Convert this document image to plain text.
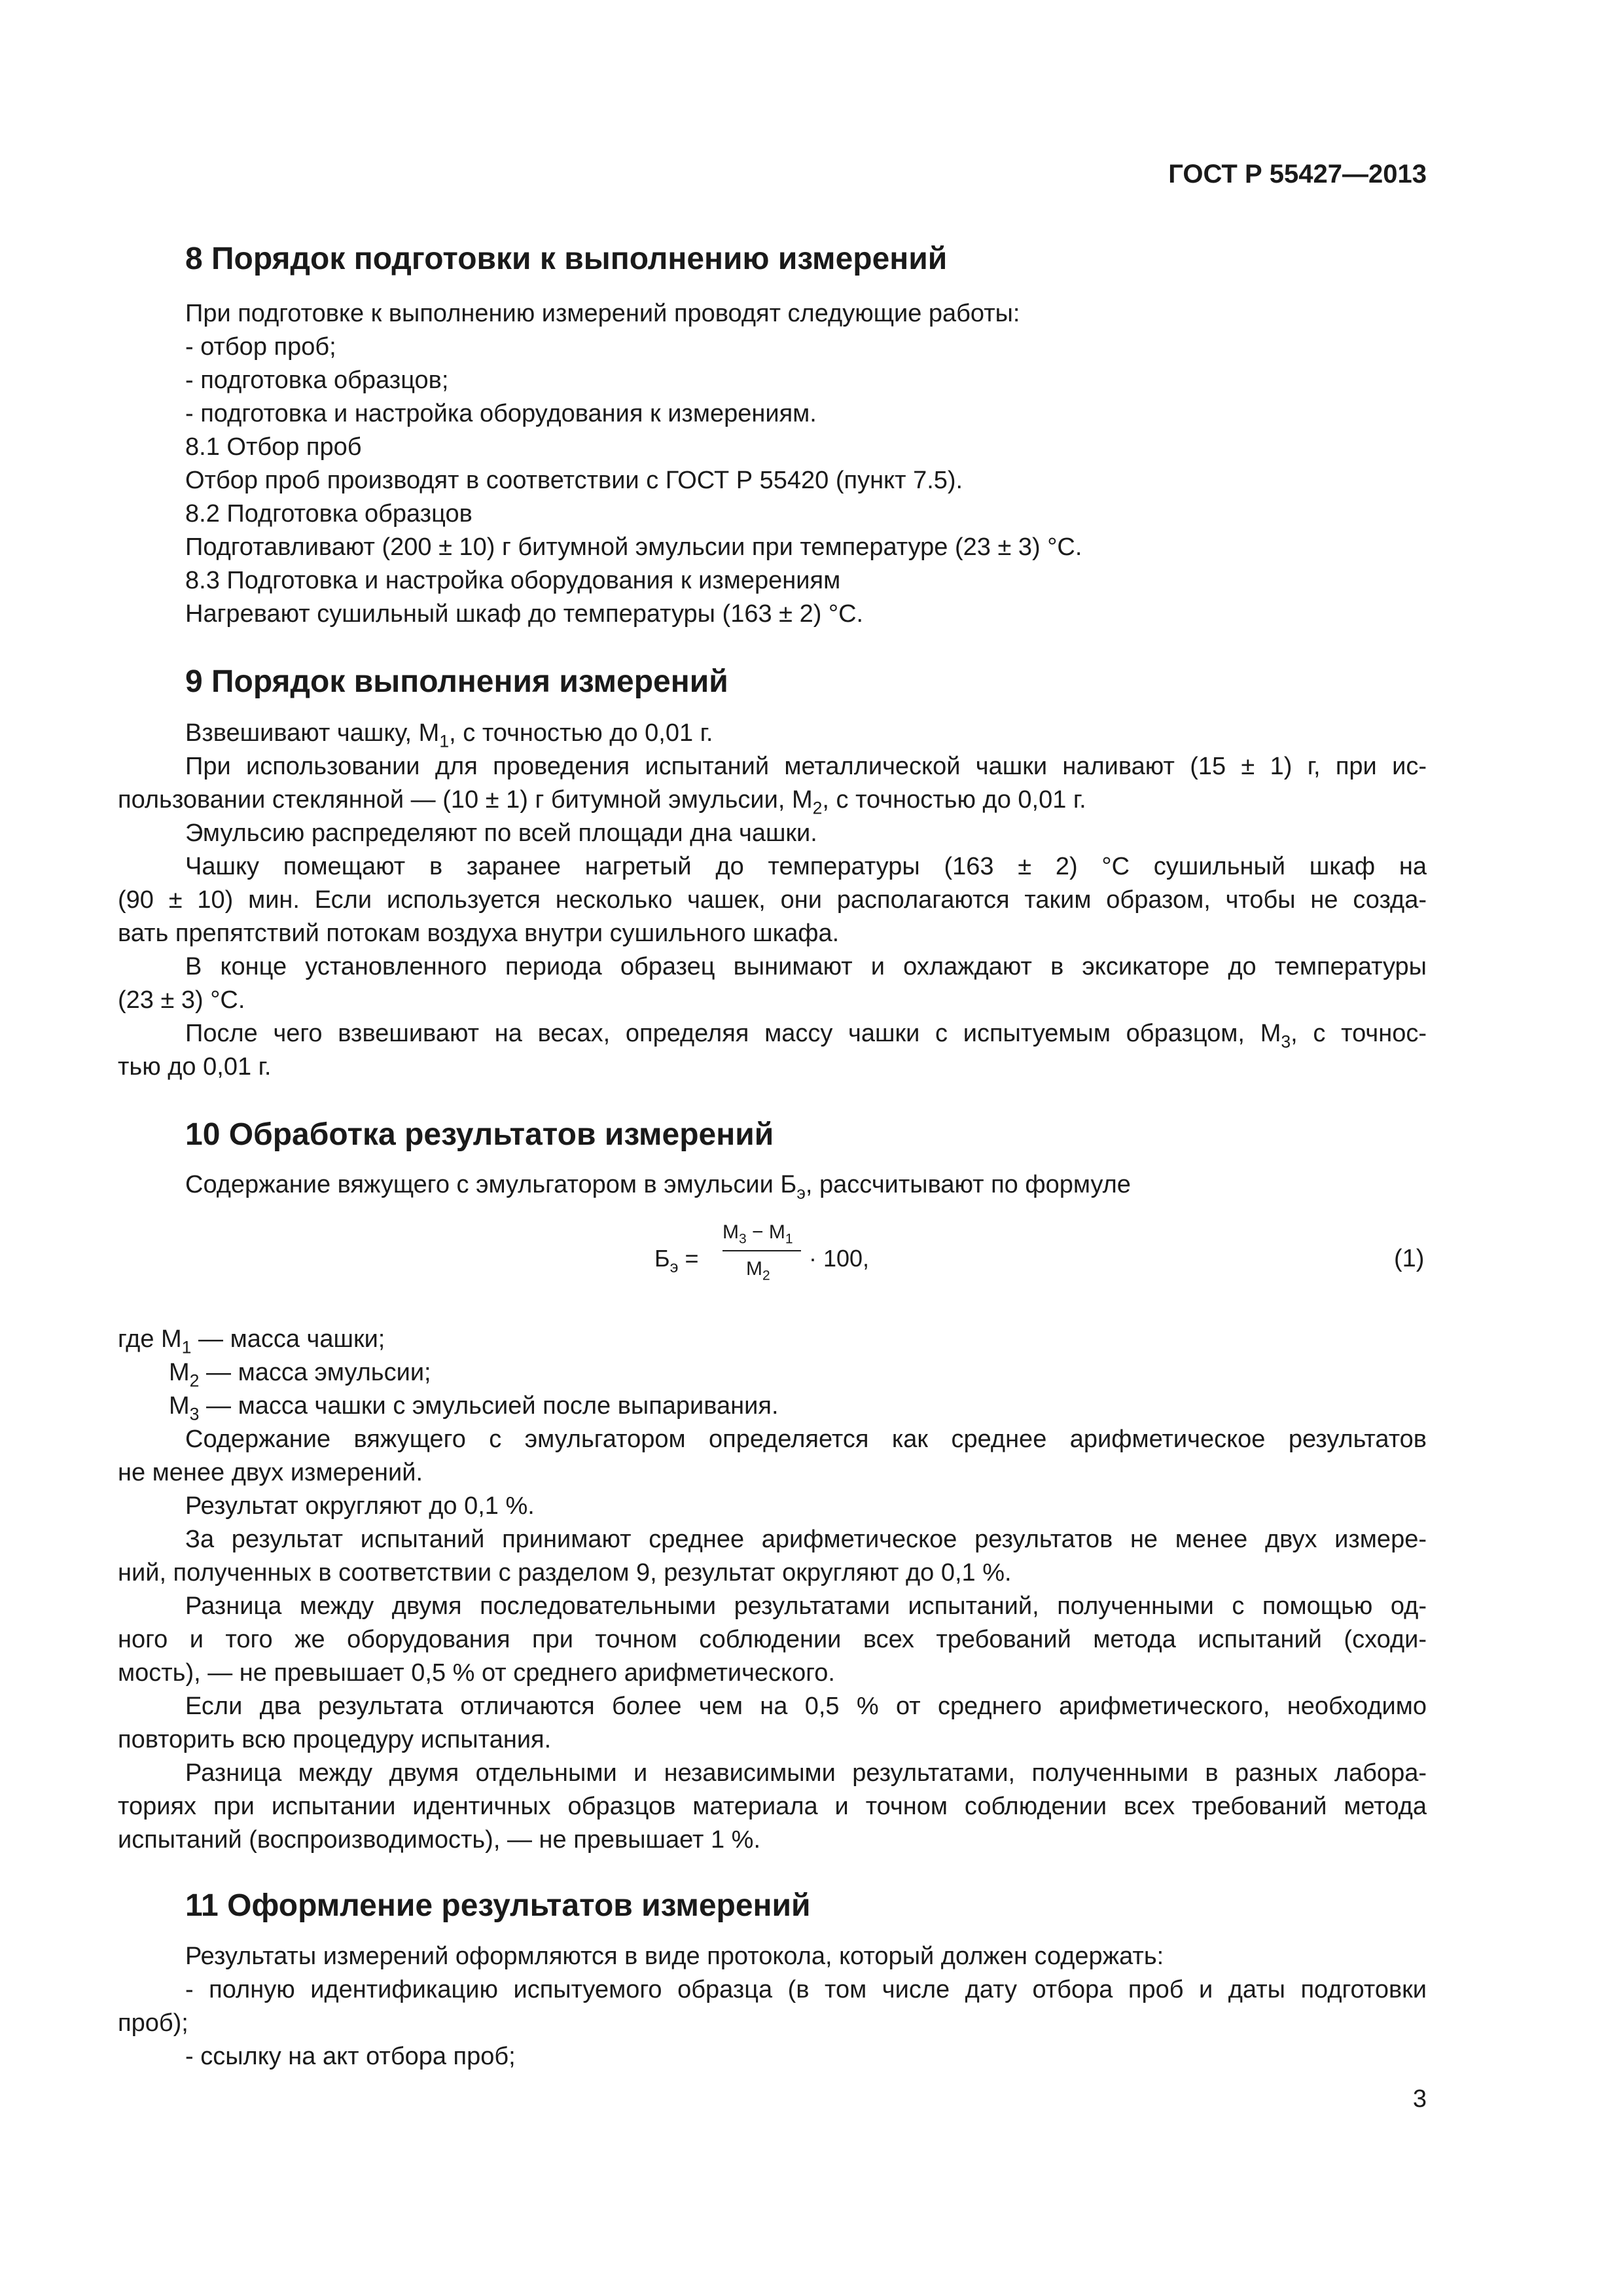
ГОСТ Р 55427—2013
8 Порядок подготовки к выполнению измерений
При подготовке к выполнению измерений проводят следующие работы:
- отбор проб;
- подготовка образцов;
- подготовка и настройка оборудования к измерениям.
8.1 Отбор проб
Отбор проб производят в соответствии с ГОСТ Р 55420 (пункт 7.5).
8.2 Подготовка образцов
Подготавливают (200 ± 10) г битумной эмульсии при температуре (23 ± 3) °С.
8.3 Подготовка и настройка оборудования к измерениям
Нагревают сушильный шкаф до температуры (163 ± 2) °С.
9 Порядок выполнения измерений
Взвешивают чашку, $М_1$, с точностью до 0,01 г.
При использовании для проведения испытаний металлической чашки наливают (15 ± 1) г, при ис-
пользовании стеклянной — (10 ± 1) г битумной эмульсии, $М_2$, с точностью до 0,01 г.
Эмульсию распределяют по всей площади дна чашки.
Чашку помещают в заранее нагретый до температуры (163 ± 2) °С сушильный шкаф на
(90 ± 10) мин. Если используется несколько чашек, они располагаются таким образом, чтобы не созда-
вать препятствий потокам воздуха внутри сушильного шкафа.
В конце установленного периода образец вынимают и охлаждают в эксикаторе до температуры
(23 ± 3) °С.
После чего взвешивают на весах, определяя массу чашки с испытуемым образцом, $М_3$, с точнос-
тью до 0,01 г.
10 Обработка результатов измерений
Содержание вяжущего с эмульгатором в эмульсии $Б_э$, рассчитывают по формуле
$Б_э$ =
$М_3 - М_1$
$М_2$
· 100,	(1)
где $М_1$ — масса чашки;
$М_2$ — масса эмульсии;
$М_3$ — масса чашки с эмульсией после выпаривания.
Содержание вяжущего с эмульгатором определяется как среднее арифметическое результатов
не менее двух измерений.
Результат округляют до 0,1 %.
За результат испытаний принимают среднее арифметическое результатов не менее двух измере-
ний, полученных в соответствии с разделом 9, результат округляют до 0,1 %.
Разница между двумя последовательными результатами испытаний, полученными с помощью од-
ного и того же оборудования при точном соблюдении всех требований метода испытаний (сходи-
мость), — не превышает 0,5 % от среднего арифметического.
Если два результата отличаются более чем на 0,5 % от среднего арифметического, необходимо
повторить всю процедуру испытания.
Разница между двумя отдельными и независимыми результатами, полученными в разных лабора-
ториях при испытании идентичных образцов материала и точном соблюдении всех требований метода
испытаний (воспроизводимость), — не превышает 1 %.
11 Оформление результатов измерений
Результаты измерений оформляются в виде протокола, который должен содержать:
- полную идентификацию испытуемого образца (в том числе дату отбора проб и даты подготовки
проб);
- ссылку на акт отбора проб;
3
